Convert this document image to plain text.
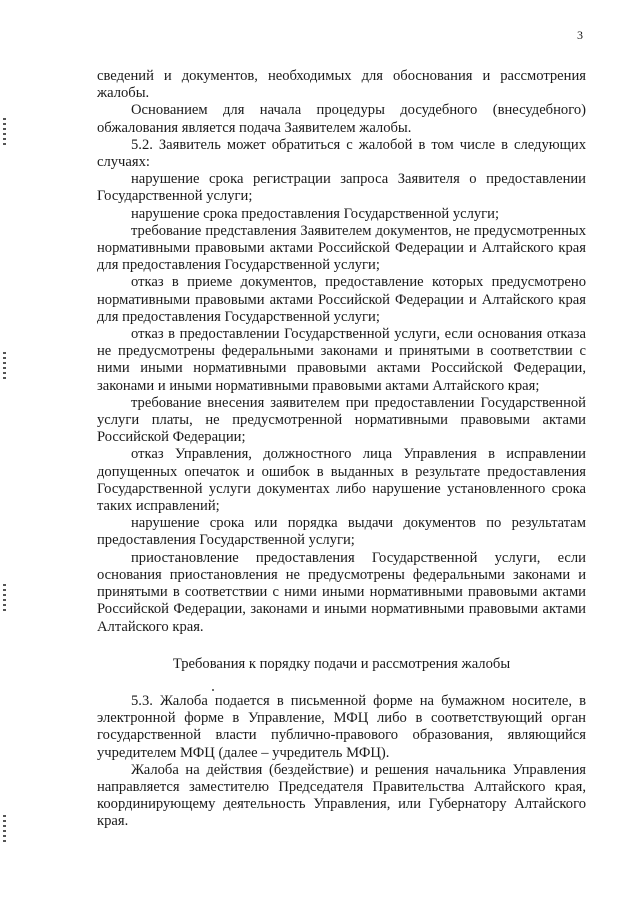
3

сведений и документов, необходимых для обоснования и рассмотрения жалобы.

Основанием для начала процедуры досудебного (внесудебного) обжалования является подача Заявителем жалобы.

5.2. Заявитель может обратиться с жалобой в том числе в следующих случаях:

нарушение срока регистрации запроса Заявителя о предоставлении Государственной услуги;

нарушение срока предоставления Государственной услуги;

требование представления Заявителем документов, не предусмотренных нормативными правовыми актами Российской Федерации и Алтайского края для предоставления Государственной услуги;

отказ в приеме документов, предоставление которых предусмотрено нормативными правовыми актами Российской Федерации и Алтайского края для предоставления Государственной услуги;

отказ в предоставлении Государственной услуги, если основания отказа не предусмотрены федеральными законами и принятыми в соответствии с ними иными нормативными правовыми актами Российской Федерации, законами и иными нормативными правовыми актами Алтайского края;

требование внесения заявителем при предоставлении Государственной услуги платы, не предусмотренной нормативными правовыми актами Российской Федерации;

отказ Управления, должностного лица Управления в исправлении допущенных опечаток и ошибок в выданных в результате предоставления Государственной услуги документах либо нарушение установленного срока таких исправлений;

нарушение срока или порядка выдачи документов по результатам предоставления Государственной услуги;

приостановление предоставления Государственной услуги, если основания приостановления не предусмотрены федеральными законами и принятыми в соответствии с ними иными нормативными правовыми актами Российской Федерации, законами и иными нормативными правовыми актами Алтайского края.

Требования к порядку подачи и рассмотрения жалобы

5.3. Жалоба подается в письменной форме на бумажном носителе, в электронной форме в Управление, МФЦ либо в соответствующий орган государственной власти публично-правового образования, являющийся учредителем МФЦ (далее – учредитель МФЦ).

Жалоба на действия (бездействие) и решения начальника Управления направляется заместителю Председателя Правительства Алтайского края, координирующему деятельность Управления, или Губернатору Алтайского края.
